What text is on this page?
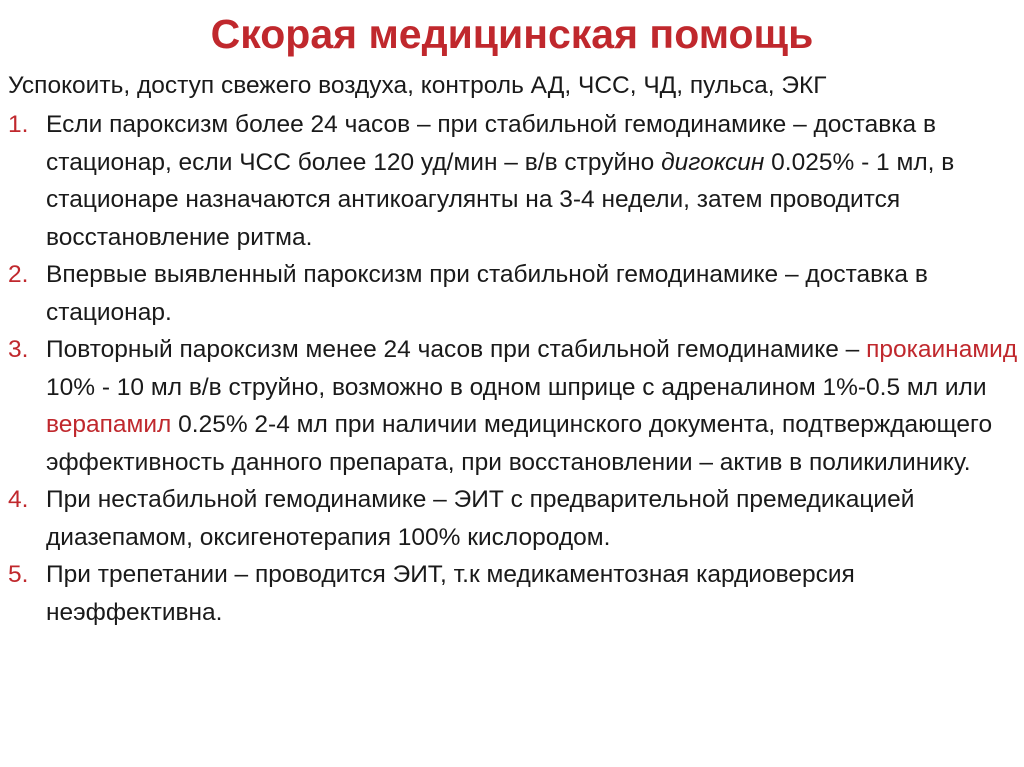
Скорая медицинская помощь

Успокоить, доступ свежего воздуха, контроль АД, ЧСС, ЧД, пульса, ЭКГ

1. Если пароксизм более 24 часов – при стабильной гемодинамике – доставка в стационар, если ЧСС более 120 уд/мин – в/в струйно дигоксин 0.025% - 1 мл, в стационаре назначаются антикоагулянты на 3-4 недели, затем проводится восстановление ритма.
2. Впервые выявленный пароксизм при стабильной гемодинамике – доставка в стационар.
3. Повторный пароксизм менее 24 часов при стабильной гемодинамике – прокаинамид 10% - 10 мл в/в струйно, возможно в одном шприце с адреналином 1%-0.5 мл или верапамил 0.25% 2-4 мл при наличии медицинского документа, подтверждающего эффективность данного препарата, при восстановлении – актив в поликилинику.
4. При нестабильной гемодинамике – ЭИТ с предварительной премедикацией диазепамом, оксигенотерапия 100% кислородом.
5. При трепетании – проводится ЭИТ, т.к медикаментозная кардиоверсия неэффективна.
